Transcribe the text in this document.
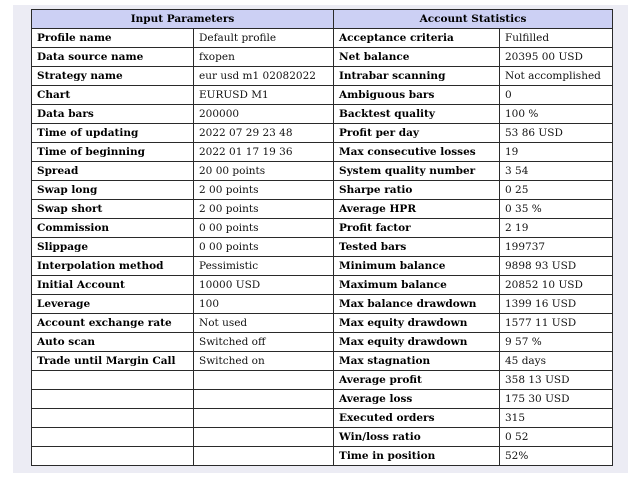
Input Parameters		Account Statistics	
Profile name	Default profile	Acceptance criteria	Fulfilled
Data source name	fxopen	Net balance	20395 00 USD
Strategy name	eur usd m1 02082022	Intrabar scanning	Not accomplished
Chart	EURUSD M1	Ambiguous bars	0
Data bars	200000	Backtest quality	100 %
Time of updating	2022 07 29 23 48	Profit per day	53 86 USD
Time of beginning	2022 01 17 19 36	Max consecutive losses	19
Spread	20 00 points	System quality number	3 54
Swap long	2 00 points	Sharpe ratio	0 25
Swap short	2 00 points	Average HPR	0 35 %
Commission	0 00 points	Profit factor	2 19
Slippage	0 00 points	Tested bars	199737
Interpolation method	Pessimistic	Minimum balance	9898 93 USD
Initial Account	10000 USD	Maximum balance	20852 10 USD
Leverage	100	Max balance drawdown	1399 16 USD
Account exchange rate	Not used	Max equity drawdown	1577 11 USD
Auto scan	Switched off	Max equity drawdown	9 57 %
Trade until Margin Call	Switched on	Max stagnation	45 days
		Average profit	358 13 USD
		Average loss	175 30 USD
		Executed orders	315
		Win/loss ratio	0 52
		Time in position	52%
